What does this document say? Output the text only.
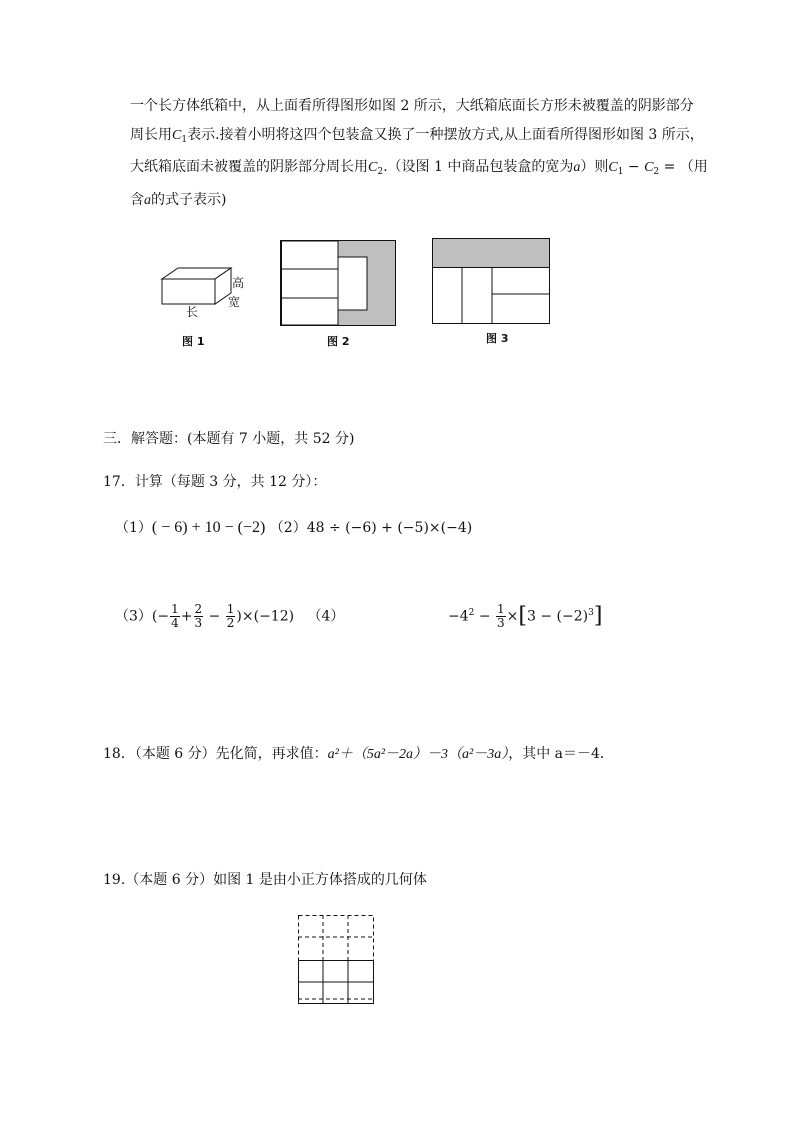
一个长方体纸箱中，从上面看所得图形如图 2 所示，大纸箱底面长方形未被覆盖的阴影部分
周长用$C_1$表示.接着小明将这四个包装盒又换了一种摆放方式,从上面看所得图形如图 3 所示，
大纸箱底面未被覆盖的阴影部分周长用$C_2$.（设图 1 中商品包装盒的宽为a）则$C_1 - C_2$ = （用
含a的式子表示)
长
高
宽
图 1	图 2	图 3
三．解答题：(本题有 7 小题，共 52 分)
17．计算（每题 3 分，共 12 分）：
（1）( − 6) + 10 − (−2) （2）48 ÷ (−6) + (−5)×(−4)
$(3)(- \frac{1}{4} + \frac{2}{3} - \frac{1}{2} )\times(-12)$ （4）	$-4^2 - \frac{1}{3} \times[3 - (-2)^3]$
18．（本题 6 分）先化简，再求值：a²＋（5a²－2a）－3（a²－3a），其中 a＝－4．
19.（本题 6 分）如图 1 是由小正方体搭成的几何体
